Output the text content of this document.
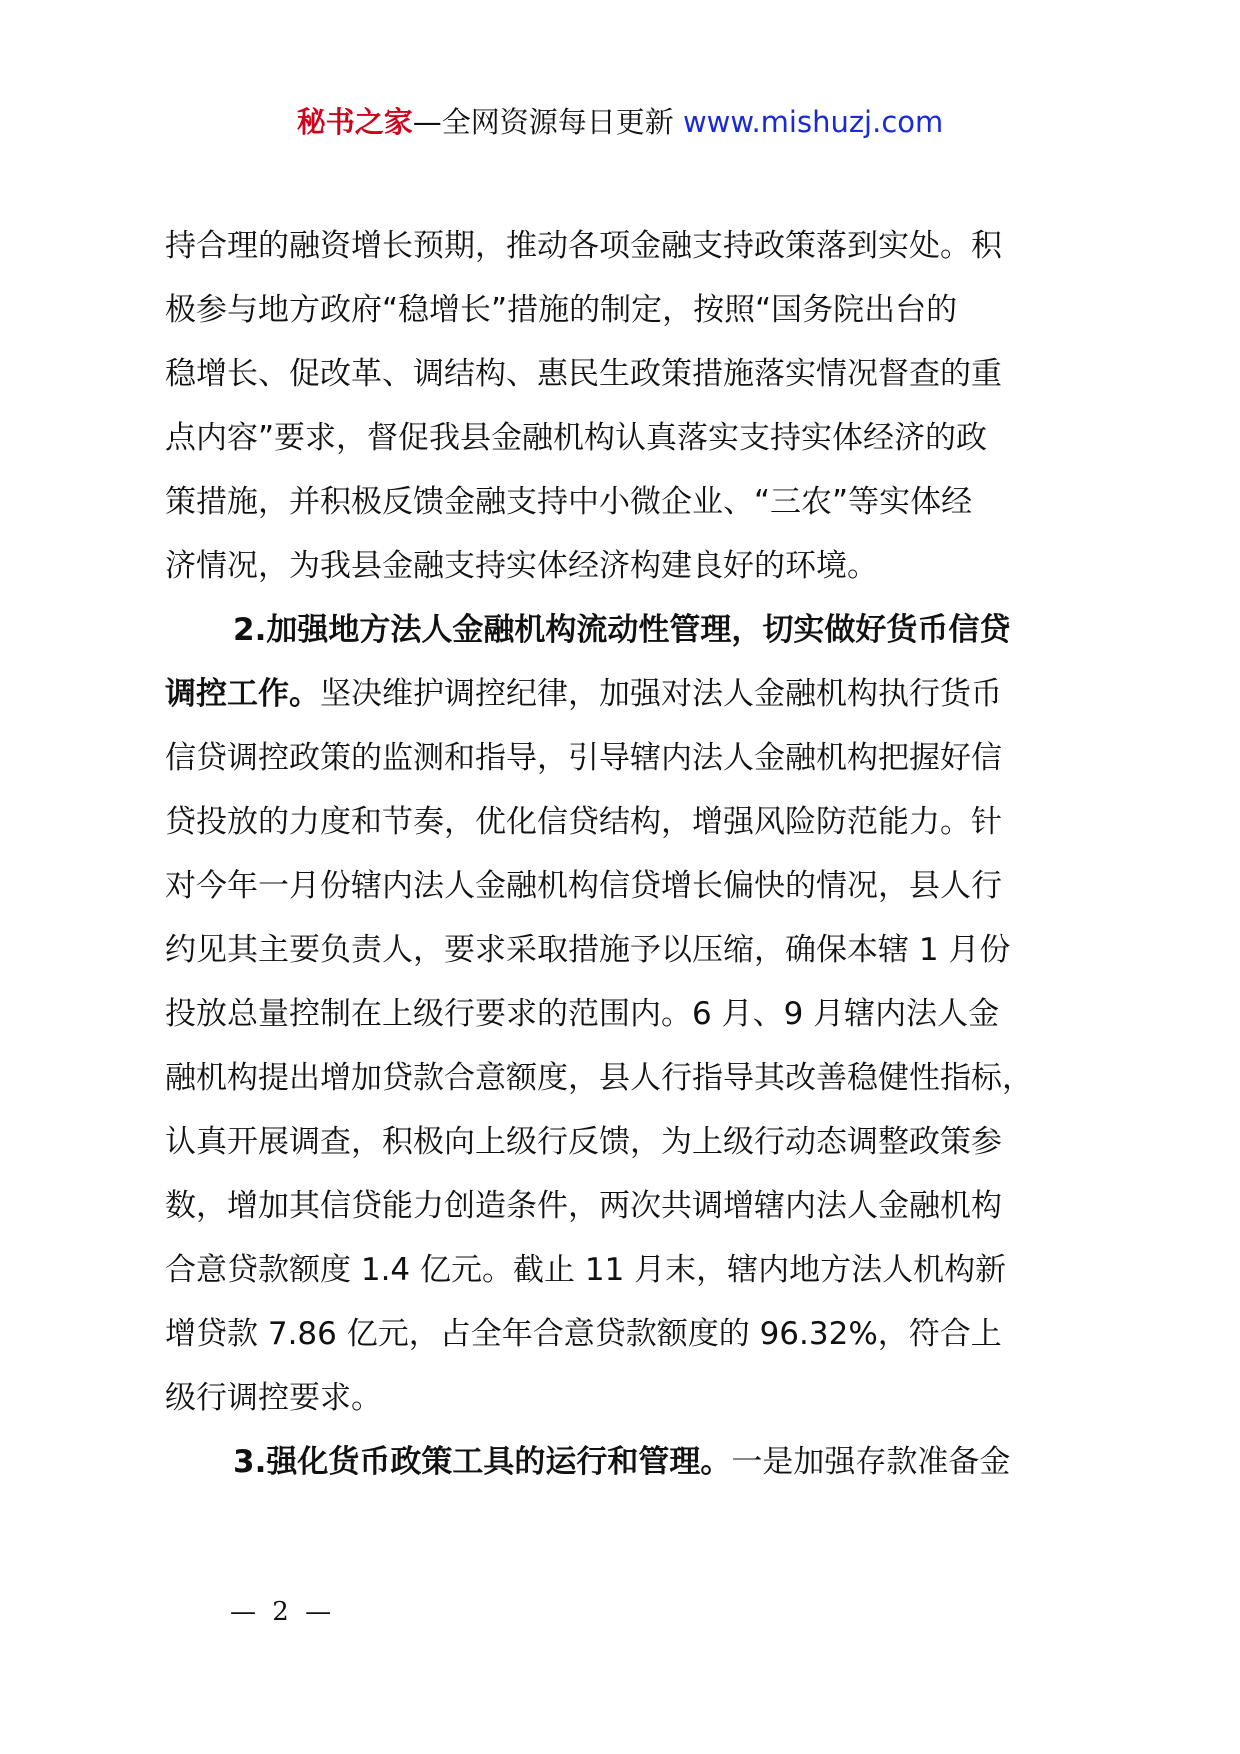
秘书之家—全网资源每日更新 www.mishuzj.com
持合理的融资增长预期，推动各项金融支持政策落到实处。积
极参与地方政府“稳增长”措施的制定，按照“国务院出台的
稳增长、促改革、调结构、惠民生政策措施落实情况督查的重
点内容”要求，督促我县金融机构认真落实支持实体经济的政
策措施，并积极反馈金融支持中小微企业、“三农”等实体经
济情况，为我县金融支持实体经济构建良好的环境。
2.加强地方法人金融机构流动性管理，切实做好货币信贷
调控工作。坚决维护调控纪律，加强对法人金融机构执行货币
信贷调控政策的监测和指导，引导辖内法人金融机构把握好信
贷投放的力度和节奏，优化信贷结构，增强风险防范能力。针
对今年一月份辖内法人金融机构信贷增长偏快的情况，县人行
约见其主要负责人，要求采取措施予以压缩，确保本辖 1 月份
投放总量控制在上级行要求的范围内。6 月、9 月辖内法人金
融机构提出增加贷款合意额度，县人行指导其改善稳健性指标，
认真开展调查，积极向上级行反馈，为上级行动态调整政策参
数，增加其信贷能力创造条件，两次共调增辖内法人金融机构
合意贷款额度 1.4 亿元。截止 11 月末，辖内地方法人机构新
增贷款 7.86 亿元，占全年合意贷款额度的 96.32%，符合上
级行调控要求。
3.强化货币政策工具的运行和管理。一是加强存款准备金
— 2 —
